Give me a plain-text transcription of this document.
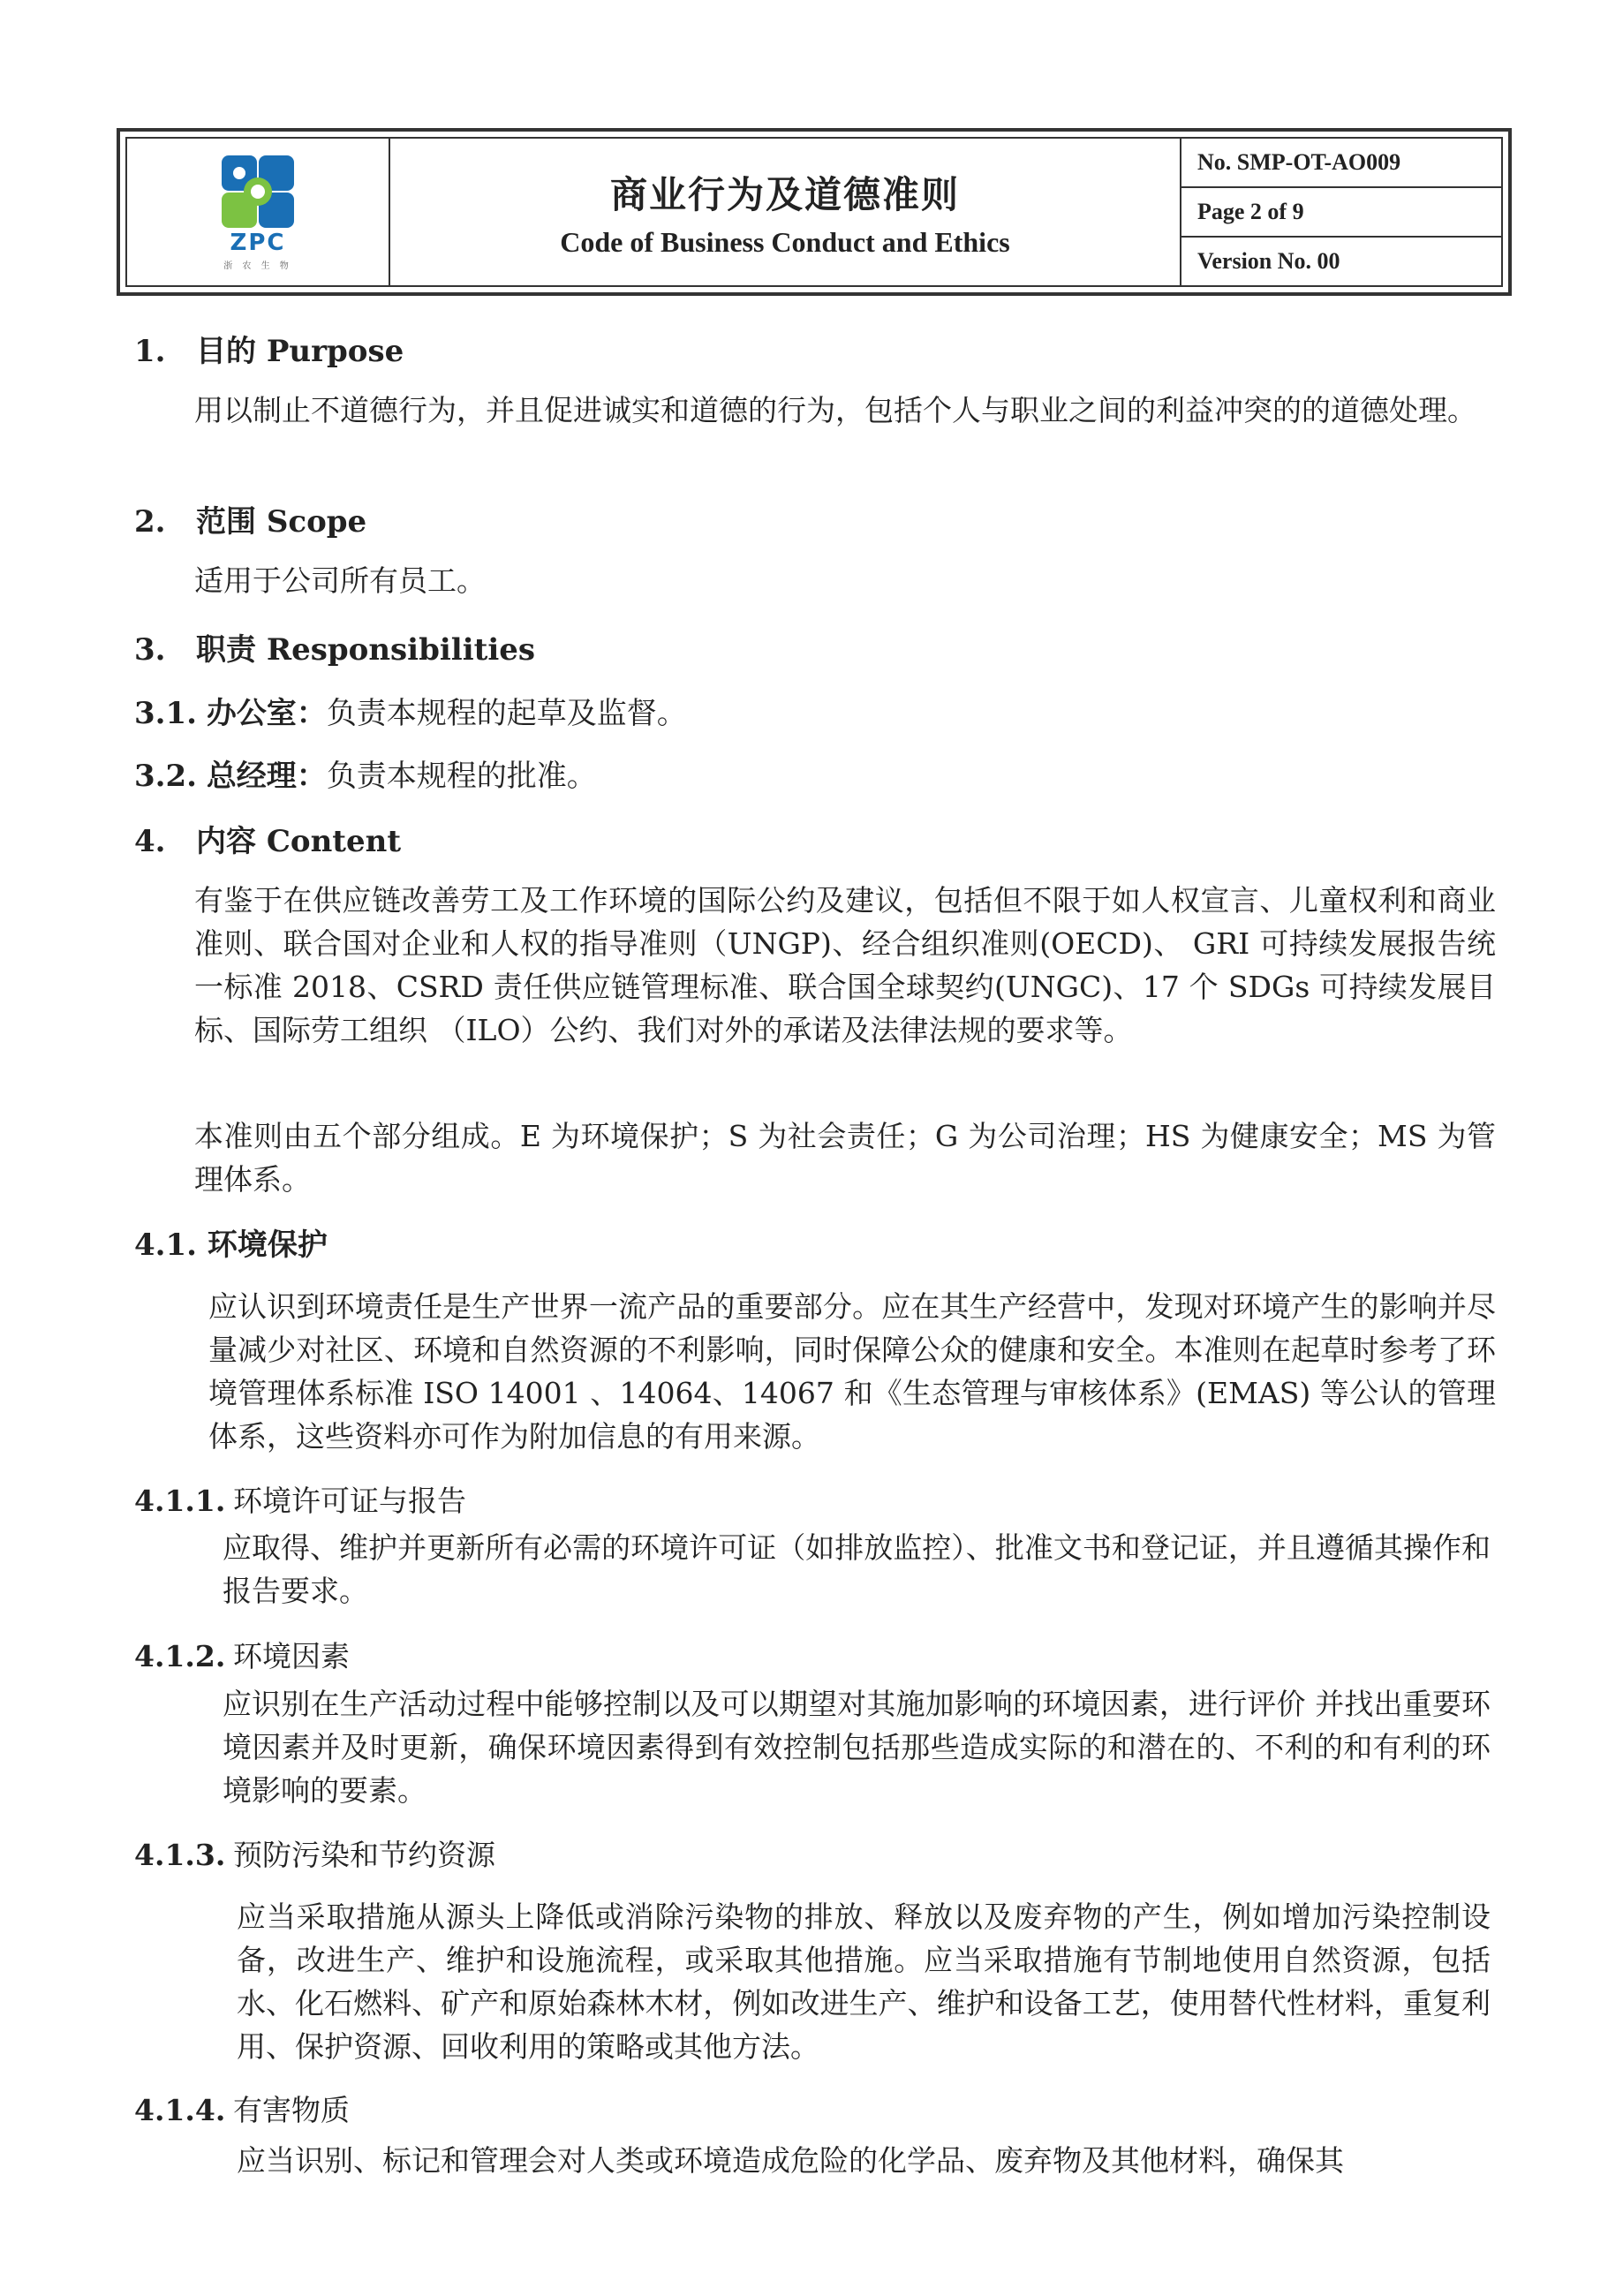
ZPC
浙 农 生 物
商业行为及道德准则
Code of Business Conduct and Ethics
No. SMP-OT-AO009
Page 2 of 9
Version No. 00
1. 目的 Purpose
用以制止不道德行为，并且促进诚实和道德的行为，包括个人与职业之间的利益冲突的的道德处理。
2. 范围 Scope
适用于公司所有员工。
3. 职责 Responsibilities
3.1. 办公室：负责本规程的起草及监督。
3.2. 总经理：负责本规程的批准。
4. 内容 Content
有鉴于在供应链改善劳工及工作环境的国际公约及建议，包括但不限于如人权宣言、儿童权利和商业准则、联合国对企业和人权的指导准则（UNGP)、经合组织准则(OECD)、 GRI 可持续发展报告统一标准 2018、CSRD 责任供应链管理标准、联合国全球契约(UNGC)、17 个 SDGs 可持续发展目标、国际劳工组织 （ILO）公约、我们对外的承诺及法律法规的要求等。
本准则由五个部分组成。E 为环境保护；S 为社会责任；G 为公司治理；HS 为健康安全；MS 为管理体系。
4.1. 环境保护
应认识到环境责任是生产世界一流产品的重要部分。应在其生产经营中，发现对环境产生的影响并尽量减少对社区、环境和自然资源的不利影响，同时保障公众的健康和安全。本准则在起草时参考了环境管理体系标准 ISO 14001 、14064、14067 和《生态管理与审核体系》(EMAS) 等公认的管理体系，这些资料亦可作为附加信息的有用来源。
4.1.1. 环境许可证与报告
应取得、维护并更新所有必需的环境许可证（如排放监控）、批准文书和登记证，并且遵循其操作和报告要求。
4.1.2. 环境因素
应识别在生产活动过程中能够控制以及可以期望对其施加影响的环境因素，进行评价 并找出重要环境因素并及时更新，确保环境因素得到有效控制包括那些造成实际的和潜在的、不利的和有利的环境影响的要素。
4.1.3. 预防污染和节约资源
应当采取措施从源头上降低或消除污染物的排放、释放以及废弃物的产生，例如增加污染控制设备，改进生产、维护和设施流程，或采取其他措施。应当采取措施有节制地使用自然资源，包括水、化石燃料、矿产和原始森林木材，例如改进生产、维护和设备工艺，使用替代性材料，重复利用、保护资源、回收利用的策略或其他方法。
4.1.4. 有害物质
应当识别、标记和管理会对人类或环境造成危险的化学品、废弃物及其他材料，确保其
